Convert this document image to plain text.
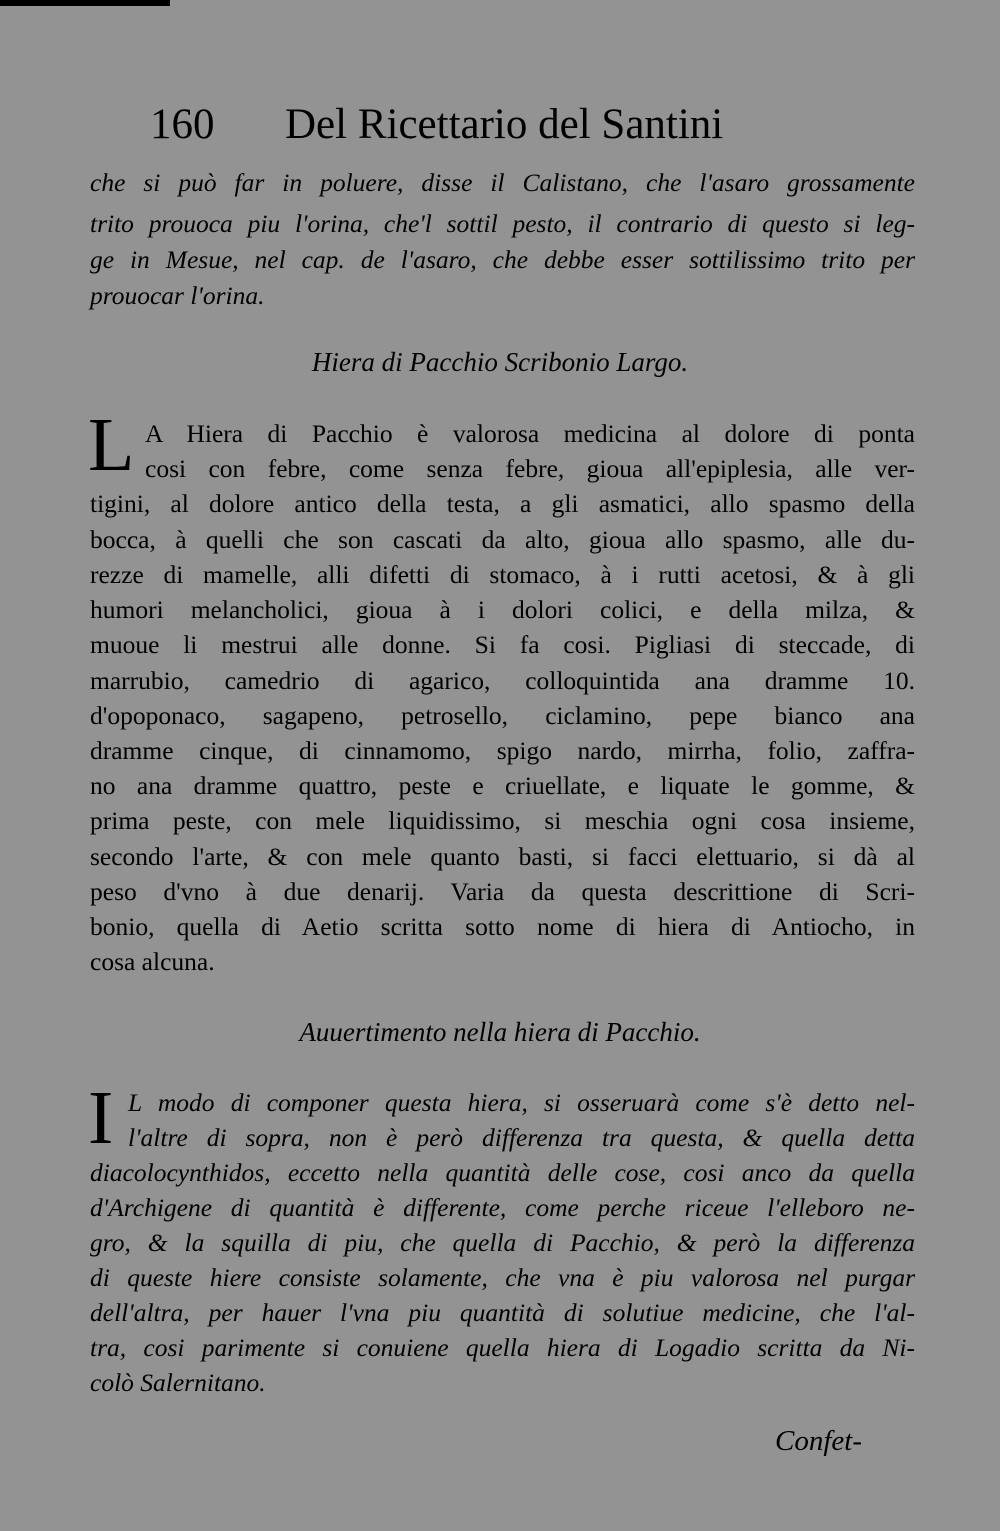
160 Del Ricettario del Santini
che si può far in poluere, disse il Calistano, che l'asaro grossamente
trito prouoca piu l'orina, che'l sottil pesto, il contrario di questo si leg-
ge in Mesue, nel cap. de l'asaro, che debbe esser sottilissimo trito per
prouocar l'orina.
Hiera di Pacchio Scribonio Largo.
L A Hiera di Pacchio è valorosa medicina al dolore di ponta
cosi con febre, come senza febre, gioua all'epiplesia, alle ver-
tigini, al dolore antico della testa, a gli asmatici, allo spasmo della
bocca, à quelli che son cascati da alto, gioua allo spasmo, alle du-
rezze di mamelle, alli difetti di stomaco, à i rutti acetosi, & à gli
humori melancholici, gioua à i dolori colici, e della milza, &
muoue li mestrui alle donne. Si fa cosi. Pigliasi di steccade, di
marrubio, camedrio di agarico, colloquintida ana dramme 10.
d'opoponaco, sagapeno, petrosello, ciclamino, pepe bianco ana
dramme cinque, di cinnamomo, spigo nardo, mirrha, folio, zaffra-
no ana dramme quattro, peste e criuellate, e liquate le gomme, &
prima peste, con mele liquidissimo, si meschia ogni cosa insieme,
secondo l'arte, & con mele quanto basti, si facci elettuario, si dà al
peso d'vno à due denarij. Varia da questa descrittione di Scri-
bonio, quella di Aetio scritta sotto nome di hiera di Antiocho, in
cosa alcuna.
Auuertimento nella hiera di Pacchio.
I L modo di componer questa hiera, si osseruarà come s'è detto nel-
l'altre di sopra, non è però differenza tra questa, & quella detta
diacolocynthidos, eccetto nella quantità delle cose, cosi anco da quella
d'Archigene di quantità è differente, come perche riceue l'elleboro ne-
gro, & la squilla di piu, che quella di Pacchio, & però la differenza
di queste hiere consiste solamente, che vna è piu valorosa nel purgar
dell'altra, per hauer l'vna piu quantità di solutiue medicine, che l'al-
tra, cosi parimente si conuiene quella hiera di Logadio scritta da Ni-
colò Salernitano.
Confet-
